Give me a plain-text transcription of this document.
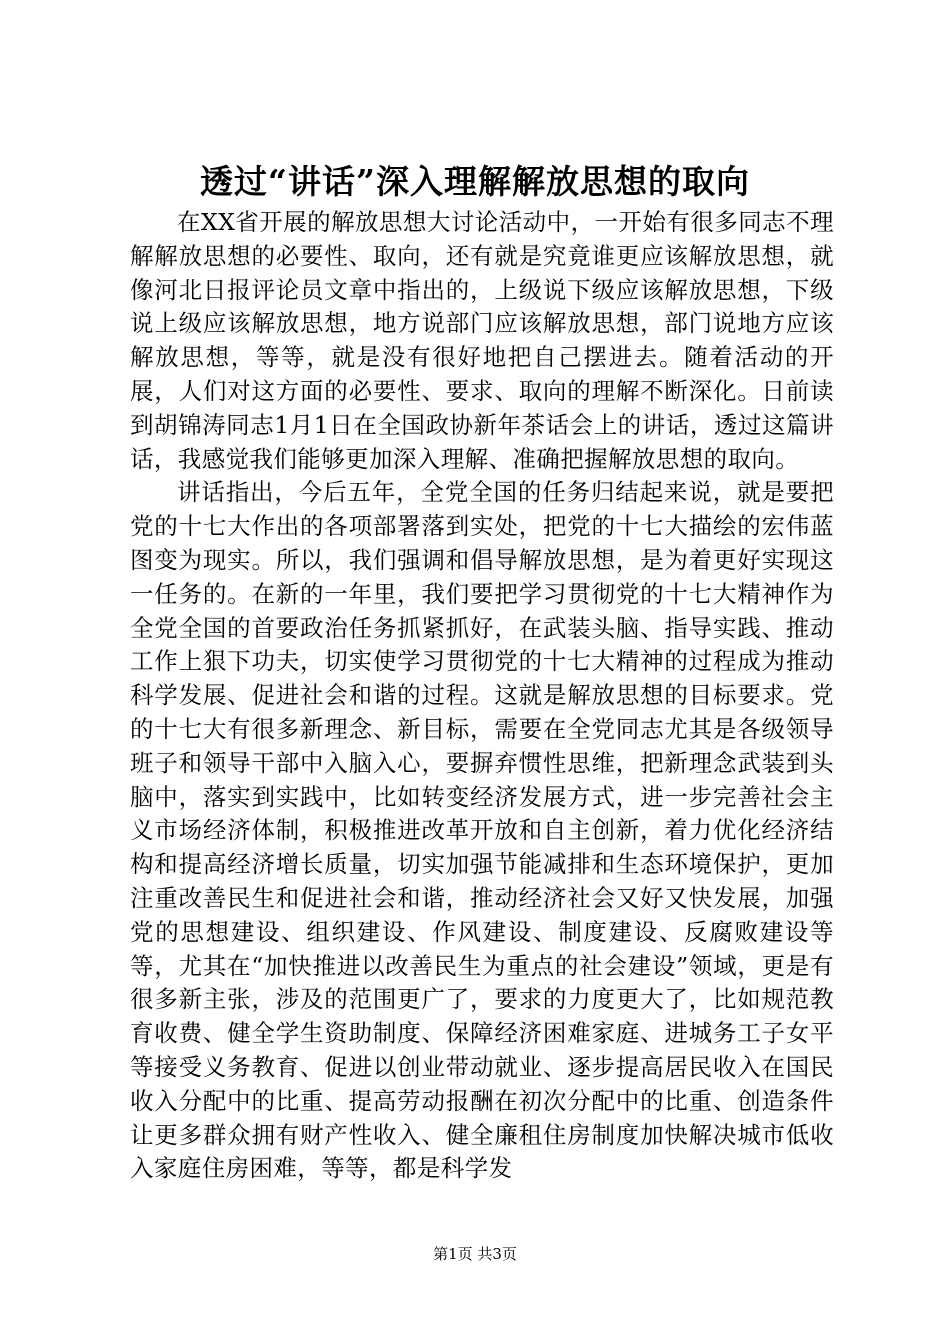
透过“讲话”深入理解解放思想的取向

在XX省开展的解放思想大讨论活动中，一开始有很多同志不理解解放思想的必要性、取向，还有就是究竟谁更应该解放思想，就像河北日报评论员文章中指出的，上级说下级应该解放思想，下级说上级应该解放思想，地方说部门应该解放思想，部门说地方应该解放思想，等等，就是没有很好地把自己摆进去。随着活动的开展，人们对这方面的必要性、要求、取向的理解不断深化。日前读到胡锦涛同志1月1日在全国政协新年茶话会上的讲话，透过这篇讲话，我感觉我们能够更加深入理解、准确把握解放思想的取向。

讲话指出，今后五年，全党全国的任务归结起来说，就是要把党的十七大作出的各项部署落到实处，把党的十七大描绘的宏伟蓝图变为现实。所以，我们强调和倡导解放思想，是为着更好实现这一任务的。在新的一年里，我们要把学习贯彻党的十七大精神作为全党全国的首要政治任务抓紧抓好，在武装头脑、指导实践、推动工作上狠下功夫，切实使学习贯彻党的十七大精神的过程成为推动科学发展、促进社会和谐的过程。这就是解放思想的目标要求。党的十七大有很多新理念、新目标，需要在全党同志尤其是各级领导班子和领导干部中入脑入心，要摒弃惯性思维，把新理念武装到头脑中，落实到实践中，比如转变经济发展方式，进一步完善社会主义市场经济体制，积极推进改革开放和自主创新，着力优化经济结构和提高经济增长质量，切实加强节能减排和生态环境保护，更加注重改善民生和促进社会和谐，推动经济社会又好又快发展，加强党的思想建设、组织建设、作风建设、制度建设、反腐败建设等等，尤其在“加快推进以改善民生为重点的社会建设”领域，更是有很多新主张，涉及的范围更广了，要求的力度更大了，比如规范教育收费、健全学生资助制度、保障经济困难家庭、进城务工子女平等接受义务教育、促进以创业带动就业、逐步提高居民收入在国民收入分配中的比重、提高劳动报酬在初次分配中的比重、创造条件让更多群众拥有财产性收入、健全廉租住房制度加快解决城市低收入家庭住房困难，等等，都是科学发

第1页 共3页
